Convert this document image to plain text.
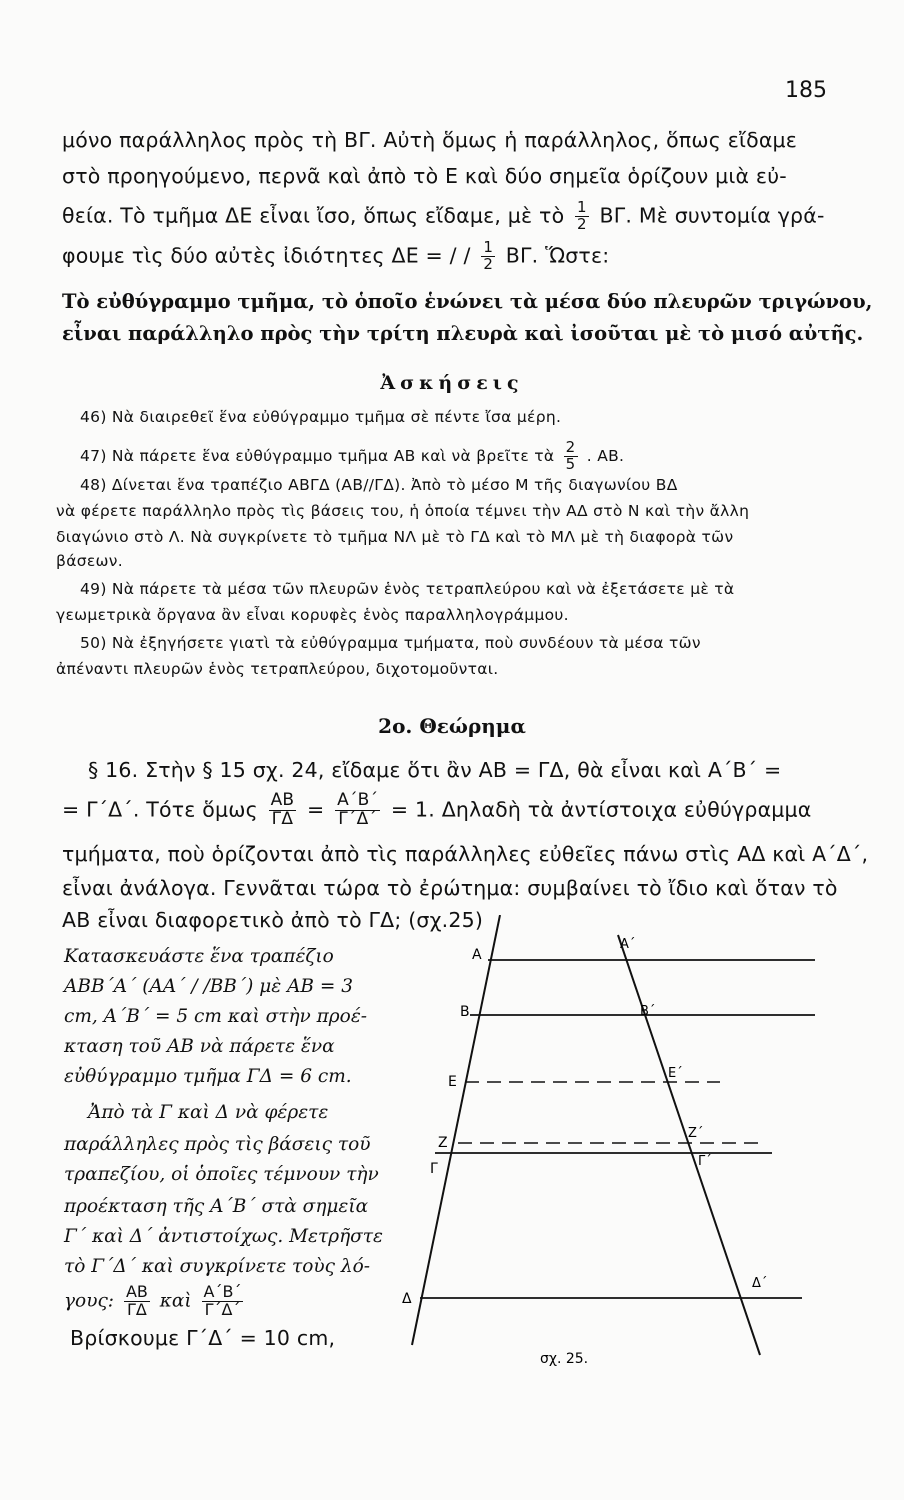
185
μόνο παράλληλος πρὸς τὴ ΒΓ. Αὐτὴ ὅμως ἡ παράλληλος, ὅπως εἴδαμε
στὸ προηγούμενο, περνᾶ καὶ ἀπὸ τὸ Ε καὶ δύο σημεῖα ὁρίζουν μιὰ εὐ-
θεία. Τὸ τμῆμα ΔΕ εἶναι ἴσο, ὅπως εἴδαμε, μὲ τὸ $\frac{1}{2} B\Gamma$. Μὲ συντομία γρά-
φουμε τὶς δύο αὐτὲς ἰδιότητες ΔΕ = / / $\frac{1}{2} B\Gamma$. Ὥστε:
Τὸ εὐθύγραμμο τμῆμα, τὸ ὁποῖο ἑνώνει τὰ μέσα δύο πλευρῶν τριγώνου,
εἶναι παράλληλο πρὸς τὴν τρίτη πλευρὰ καὶ ἰσοῦται μὲ τὸ μισό αὐτῆς.
Ἀσκήσεις
46) Νὰ διαιρεθεῖ ἕνα εὐθύγραμμο τμῆμα σὲ πέντε ἴσα μέρη.
47) Νὰ πάρετε ἕνα εὐθύγραμμο τμῆμα ΑΒ καὶ νὰ βρεῖτε τὰ $\frac{2}{5}$ . ΑΒ.
48) Δίνεται ἕνα τραπέζιο ΑΒΓΔ (ΑΒ//ΓΔ). Ἀπὸ τὸ μέσο Μ τῆς διαγωνίου ΒΔ
νὰ φέρετε παράλληλο πρὸς τὶς βάσεις του, ἡ ὁποία τέμνει τὴν ΑΔ στὸ Ν καὶ τὴν ἄλλη
διαγώνιο στὸ Λ. Νὰ συγκρίνετε τὸ τμῆμα ΝΛ μὲ τὸ ΓΔ καὶ τὸ ΜΛ μὲ τὴ διαφορὰ τῶν
βάσεων.
49) Νὰ πάρετε τὰ μέσα τῶν πλευρῶν ἑνὸς τετραπλεύρου καὶ νὰ ἐξετάσετε μὲ τὰ
γεωμετρικὰ ὄργανα ἂν εἶναι κορυφὲς ἑνὸς παραλληλογράμμου.
50) Νὰ ἐξηγήσετε γιατὶ τὰ εὐθύγραμμα τμήματα, ποὺ συνδέουν τὰ μέσα τῶν
ἀπέναντι πλευρῶν ἑνὸς τετραπλεύρου, διχοτομοῦνται.
2ο. Θεώρημα
§ 16. Στὴν § 15 σχ. 24, εἴδαμε ὅτι ἂν ΑΒ = ΓΔ, θὰ εἶναι καὶ Α΄Β΄ =
= Γ΄Δ΄. Τότε ὅμως $\frac{AB}{\Gamma\Delta} = \frac{A΄B΄}{\Gamma΄\Delta΄} = 1$. Δηλαδὴ τὰ ἀντίστοιχα εὐθύγραμμα
τμήματα, ποὺ ὁρίζονται ἀπὸ τὶς παράλληλες εὐθεῖες πάνω στὶς ΑΔ καὶ Α΄Δ΄,
εἶναι ἀνάλογα. Γεννᾶται τώρα τὸ ἐρώτημα: συμβαίνει τὸ ἴδιο καὶ ὅταν τὸ
ΑΒ εἶναι διαφορετικὸ ἀπὸ τὸ ΓΔ; (σχ.25)
Κατασκευάστε ἕνα τραπέζιο
ΑΒΒ΄Α΄ (ΑΑ΄ / /ΒΒ΄) μὲ ΑΒ = 3
cm, Α΄Β΄ = 5 cm καὶ στὴν προέ-
κταση τοῦ ΑΒ νὰ πάρετε ἕνα
εὐθύγραμμο τμῆμα ΓΔ = 6 cm.
Ἀπὸ τὰ Γ καὶ Δ νὰ φέρετε
παράλληλες πρὸς τὶς βάσεις τοῦ
τραπεζίου, οἱ ὁποῖες τέμνουν τὴν
προέκταση τῆς Α΄Β΄ στὰ σημεῖα
Γ΄ καὶ Δ΄ ἀντιστοίχως. Μετρῆστε
τὸ Γ΄Δ΄ καὶ συγκρίνετε τοὺς λό-
γους: $\frac{AB}{\Gamma\Delta}$ καὶ $\frac{A΄B΄}{\Gamma΄\Delta΄}$
Βρίσκουμε Γ΄Δ΄ = 10 cm,
Α
Β
Ε
Ζ
Γ
Δ
Α΄
Β΄
Ε΄
Ζ΄
Γ΄
Δ΄
σχ. 25.
